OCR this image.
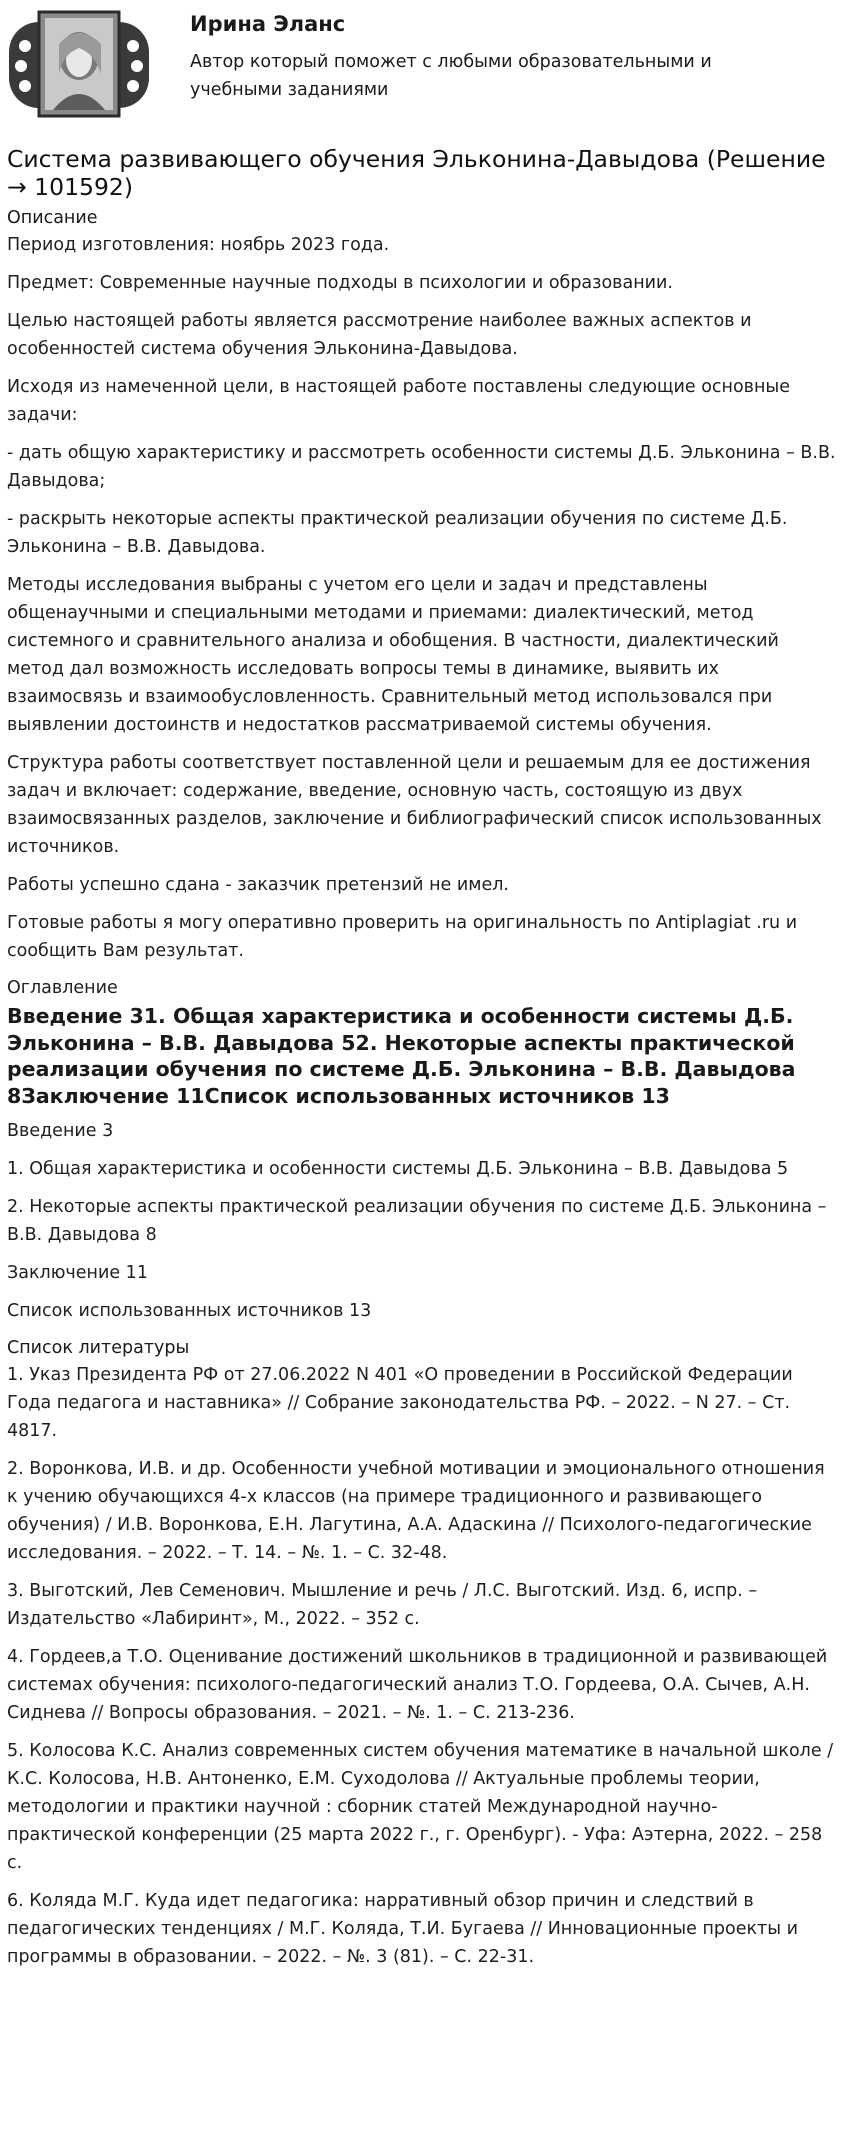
Ирина Эланс
Автор который поможет с любыми образовательными и учебными заданиями
Система развивающего обучения Эльконина-Давыдова (Решение → 101592)
Описание

Период изготовления: ноябрь 2023 года.

Предмет: Современные научные подходы в психологии и образовании.

Целью настоящей работы является рассмотрение наиболее важных аспектов и особенностей система обучения Эльконина-Давыдова.

Исходя из намеченной цели, в настоящей работе поставлены следующие основные задачи:

- дать общую характеристику и рассмотреть особенности системы Д.Б. Эльконина – В.В. Давыдова;

- раскрыть некоторые аспекты практической реализации обучения по системе Д.Б. Эльконина – В.В. Давыдова.

Методы исследования выбраны с учетом его цели и задач и представлены общенаучными и специальными методами и приемами: диалектический, метод системного и сравнительного анализа и обобщения. В частности, диалектический метод дал возможность исследовать вопросы темы в динамике, выявить их взаимосвязь и взаимообусловленность. Сравнительный метод использовался при выявлении достоинств и недостатков рассматриваемой системы обучения.

Структура работы соответствует поставленной цели и решаемым для ее достижения задач и включает: содержание, введение, основную часть, состоящую из двух взаимосвязанных разделов, заключение и библиографический список использованных источников.

Работы успешно сдана - заказчик претензий не имел.

Готовые работы я могу оперативно проверить на оригинальность по Antiplagiat .ru и сообщить Вам результат.

Оглавление
Введение 31. Общая характеристика и особенности системы Д.Б. Эльконина – В.В. Давыдова 52. Некоторые аспекты практической реализации обучения по системе Д.Б. Эльконина – В.В. Давыдова 8Заключение 11Список использованных источников 13

Введение 3

1. Общая характеристика и особенности системы Д.Б. Эльконина – В.В. Давыдова 5

2. Некоторые аспекты практической реализации обучения по системе Д.Б. Эльконина – В.В. Давыдова 8

Заключение 11

Список использованных источников 13

Список литературы

1. Указ Президента РФ от 27.06.2022 N 401 «О проведении в Российской Федерации Года педагога и наставника» // Собрание законодательства РФ. – 2022. – N 27. – Ст. 4817.

2. Воронкова, И.В. и др. Особенности учебной мотивации и эмоционального отношения к учению обучающихся 4-х классов (на примере традиционного и развивающего обучения) / И.В. Воронкова, Е.Н. Лагутина, А.А. Адаскина // Психолого-педагогические исследования. – 2022. – Т. 14. – №. 1. – С. 32-48.

3. Выготский, Лев Семенович. Мышление и речь / Л.С. Выготский. Изд. 6, испр. – Издательство «Лабиринт», М., 2022. – 352 с.

4. Гордеев,а Т.О. Оценивание достижений школьников в традиционной и развивающей системах обучения: психолого-педагогический анализ Т.О. Гордеева, О.А. Сычев, А.Н. Сиднева // Вопросы образования. – 2021. – №. 1. – С. 213-236.

5. Колосова К.С. Анализ современных систем обучения математике в начальной школе / К.С. Колосова, Н.В. Антоненко, Е.М. Суходолова // Актуальные проблемы теории, методологии и практики научной : сборник статей Международной научно-практической конференции (25 марта 2022 г., г. Оренбург). - Уфа: Аэтерна, 2022. – 258 с.

6. Коляда М.Г. Куда идет педагогика: нарративный обзор причин и следствий в педагогических тенденциях / М.Г. Коляда, Т.И. Бугаева // Инновационные проекты и программы в образовании. – 2022. – №. 3 (81). – С. 22-31.
